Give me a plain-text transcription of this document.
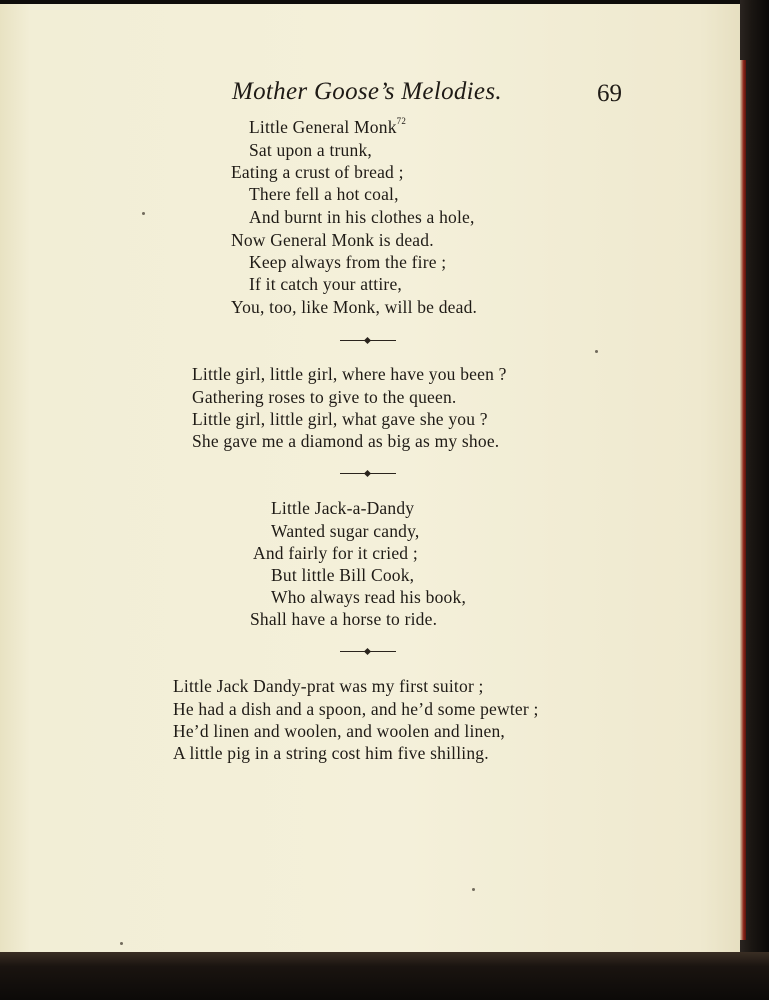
Mother Goose’s Melodies.	69
Little General Monk$^{72}$
Sat upon a trunk,
Eating a crust of bread ;
There fell a hot coal,
And burnt in his clothes a hole,
Now General Monk is dead.
Keep always from the fire ;
If it catch your attire,
You, too, like Monk, will be dead.
Little girl, little girl, where have you been ?
Gathering roses to give to the queen.
Little girl, little girl, what gave she you ?
She gave me a diamond as big as my shoe.
Little Jack-a-Dandy
Wanted sugar candy,
And fairly for it cried ;
But little Bill Cook,
Who always read his book,
Shall have a horse to ride.
Little Jack Dandy-prat was my first suitor ;
He had a dish and a spoon, and he’d some pewter ;
He’d linen and woolen, and woolen and linen,
A little pig in a string cost him five shilling.
